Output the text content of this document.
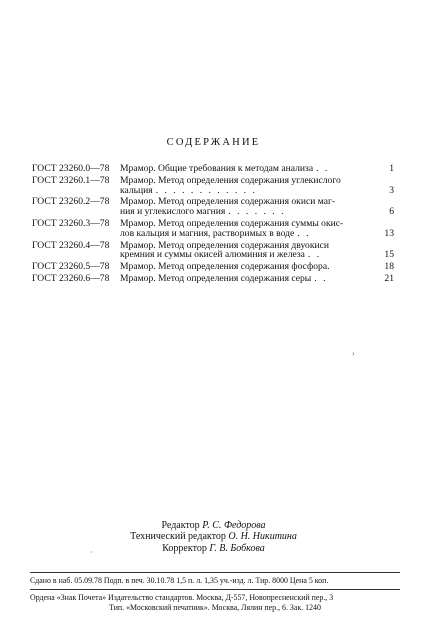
СОДЕРЖАНИЕ
ГОСТ 23260.0—78 Мрамор. Общие требования к методам анализа . .	1
ГОСТ 23260.1—78 Мрамор. Метод определения содержания углекислого
кальция . . . . . . . . . . . .	3
ГОСТ 23260.2—78 Мрамор. Метод определения содержания окиси маг-
ния и углекислого магния . . . . . . .	6
ГОСТ 23260.3—78 Мрамор. Метод определения содержания суммы окис-
лов кальция и магния, растворимых в воде . .	13
ГОСТ 23260.4—78 Мрамор. Метод определения содержания двуокиси
кремния и суммы окисей алюминия и железа . .	15
ГОСТ 23260.5—78 Мрамор. Метод определения содержания фосфора.	18
ГОСТ 23260.6—78 Мрамор. Метод определения содержания серы . .	21
›
·
Редактор Р. С. Федорова
Технический редактор О. Н. Никитина
Корректор Г. В. Бобкова
Сдано в наб. 05.09.78 Подп. в печ. 30.10.78 1,5 п. л. 1,35 уч.-изд. л. Тир. 8000 Цена 5 коп.
Ордена «Знак Почета» Издательство стандартов. Москва, Д-557, Новопресненский пер., 3
Тип. «Московский печатник». Москва, Лялин пер., 6. Зак. 1240
